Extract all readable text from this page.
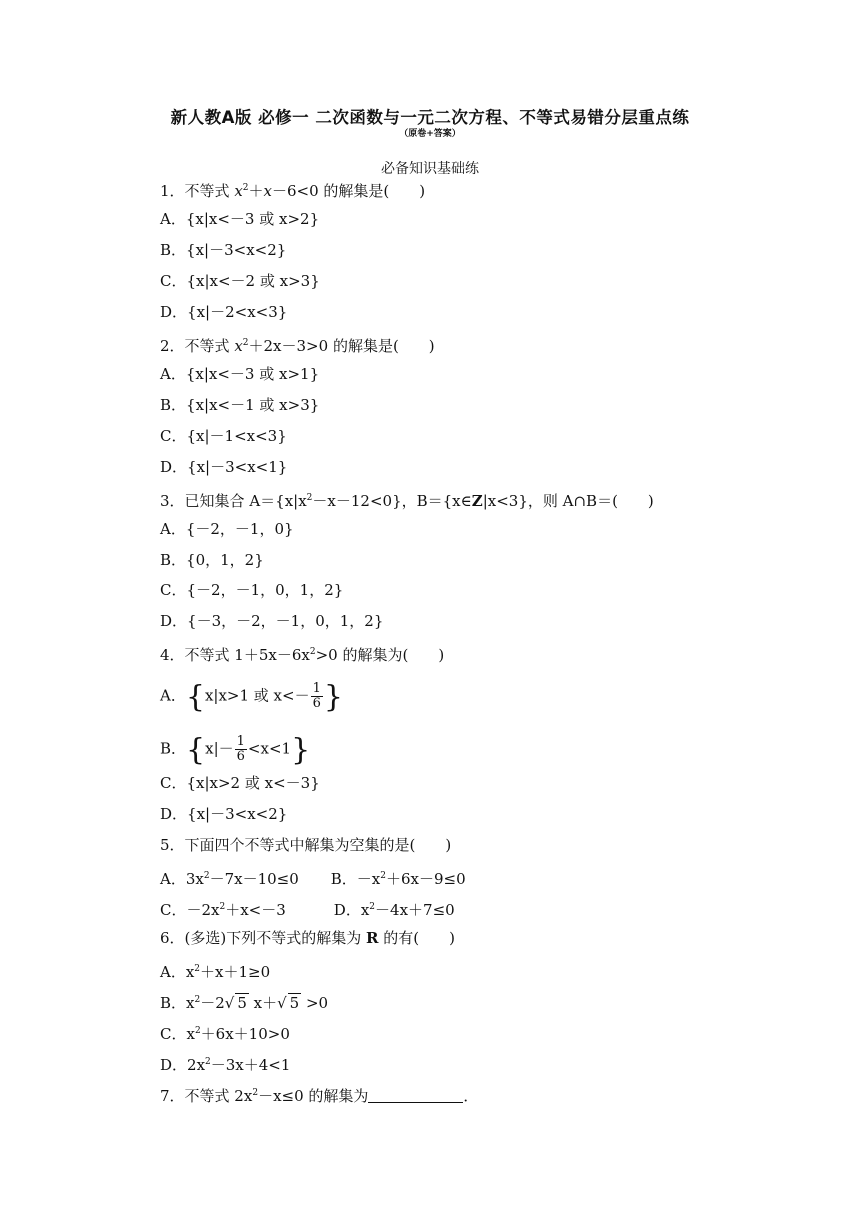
新人教A版 必修一 二次函数与一元二次方程、不等式易错分层重点练
（原卷+答案）
必备知识基础练
1．不等式 $x^2+x-6<0$ 的解集是(　　)
A．{x|x<－3 或 x>2}
B．{x|－3<x<2}
C．{x|x<－2 或 x>3}
D．{x|－2<x<3}
2．不等式 $x^2+2x-3>0$ 的解集是(　　)
A．{x|x<－3 或 x>1}
B．{x|x<－1 或 x>3}
C．{x|－1<x<3}
D．{x|－3<x<1}
3．已知集合 $A=\{x|x^2-x-12<0\}$，B＝{x∈Z|x<3}，则 A∩B＝(　　)
A．{－2，－1，0}
B．{0，1，2}
C．{－2，－1，0，1，2}
D．{－3，－2，－1，0，1，2}
4．不等式 $1+5x-6x^2>0$ 的解集为(　　)
A．{x|x>1 或 $x<- \frac{1}{6}$ }
B．$\{x|- \frac{1}{6} <x<1\}$
C．{x|x>2 或 x<－3}
D．{x|－3<x<2}
5．下面四个不等式中解集为空集的是(　　)
A．$3x^2-7x-10\le 0$ B．$-x^2+6x-9\le 0$
C．$-2x^2+x<-3$	D．$x^2-4x+7\le 0$
6．(多选)下列不等式的解集为 R 的有(　　)
A．$x^2+x+1\ge 0$
B．$x^2-2√$ 5 x＋√ 5 >0
C．$x^2+6x+10>0$
D．$2x^2-3x+4<1$
7．不等式 $2x^2-x\le 0$ 的解集为	．
